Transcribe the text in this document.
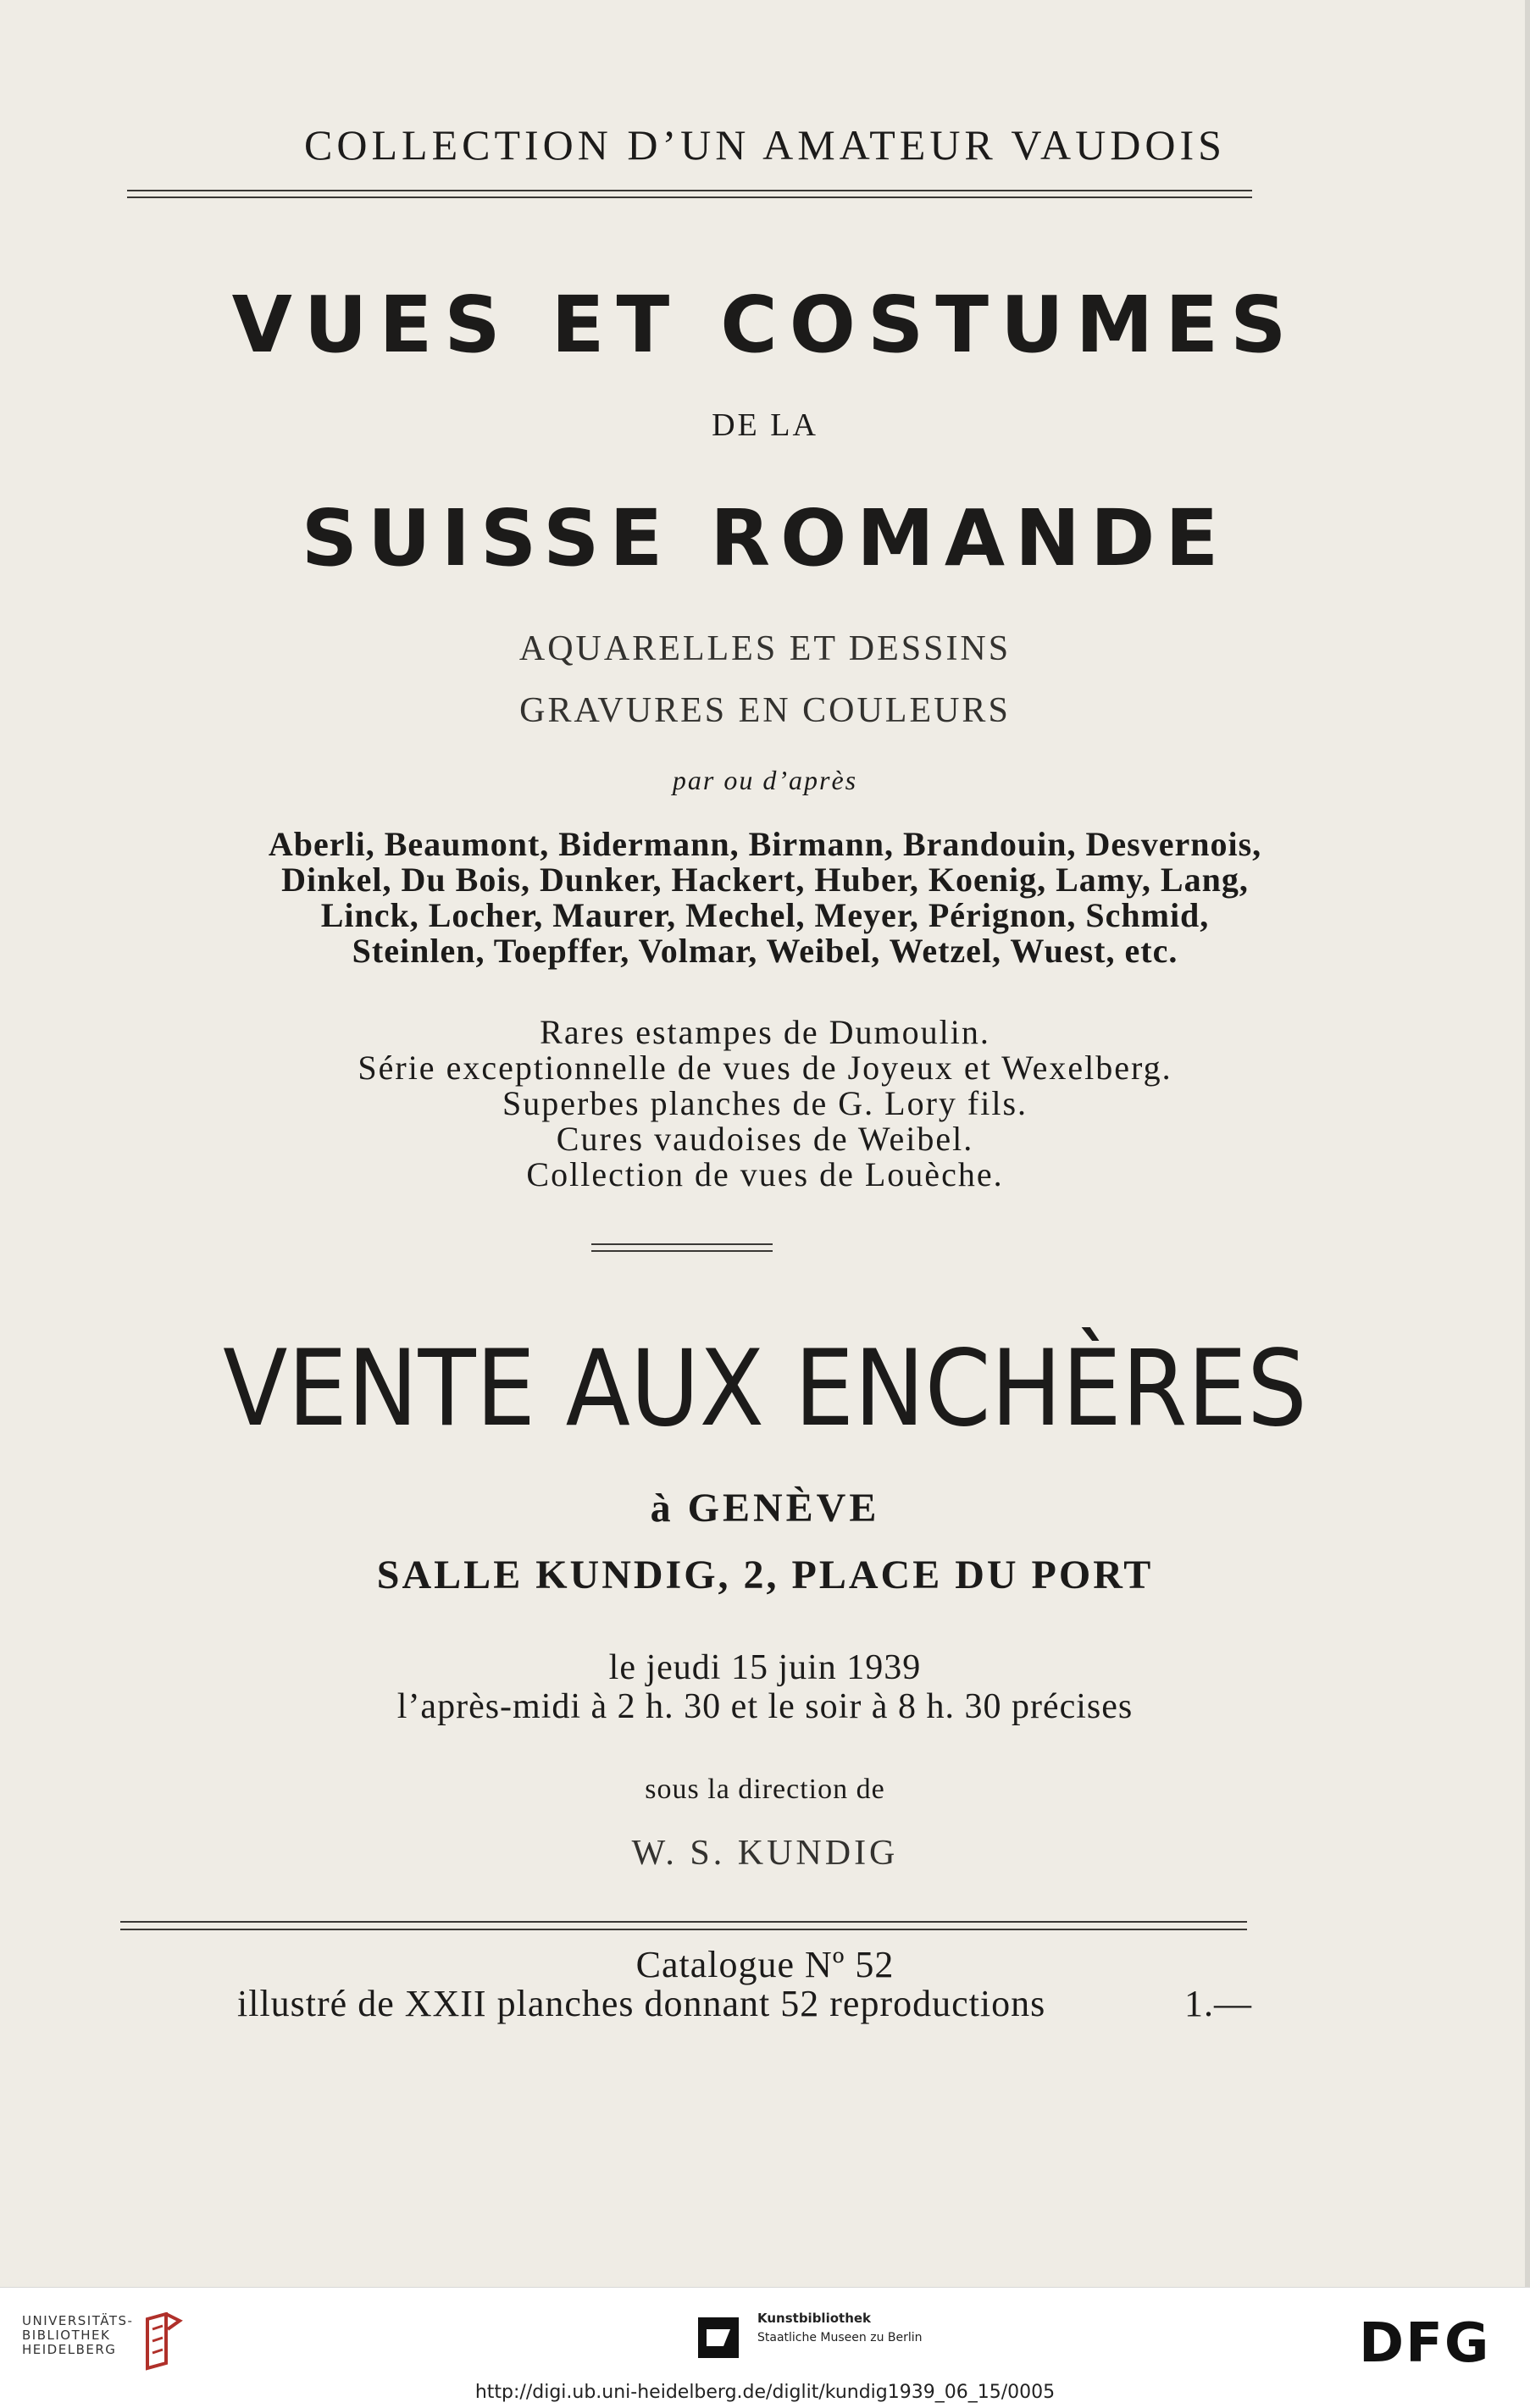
COLLECTION D’UN AMATEUR VAUDOIS
VUES ET COSTUMES
DE LA
SUISSE ROMANDE
AQUARELLES ET DESSINS
GRAVURES EN COULEURS
par ou d’après
Aberli, Beaumont, Bidermann, Birmann, Brandouin, Desvernois,
Dinkel, Du Bois, Dunker, Hackert, Huber, Koenig, Lamy, Lang,
Linck, Locher, Maurer, Mechel, Meyer, Pérignon, Schmid,
Steinlen, Toepffer, Volmar, Weibel, Wetzel, Wuest, etc.
Rares estampes de Dumoulin.
Série exceptionnelle de vues de Joyeux et Wexelberg.
Superbes planches de G. Lory fils.
Cures vaudoises de Weibel.
Collection de vues de Louèche.
VENTE AUX ENCHÈRES
à GENÈVE
SALLE KUNDIG, 2, PLACE DU PORT
le jeudi 15 juin 1939
l’après-midi à 2 h. 30 et le soir à 8 h. 30 précises
sous la direction de
W. S. KUNDIG
Catalogue Nº 52
illustré de XXII planches donnant 52 reproductions	1.—
UNIVERSITÄTS-
BIBLIOTHEK
HEIDELBERG
Kunstbibliothek
Staatliche Museen zu Berlin	DFG
http://digi.ub.uni-heidelberg.de/diglit/kundig1939_06_15/0005
